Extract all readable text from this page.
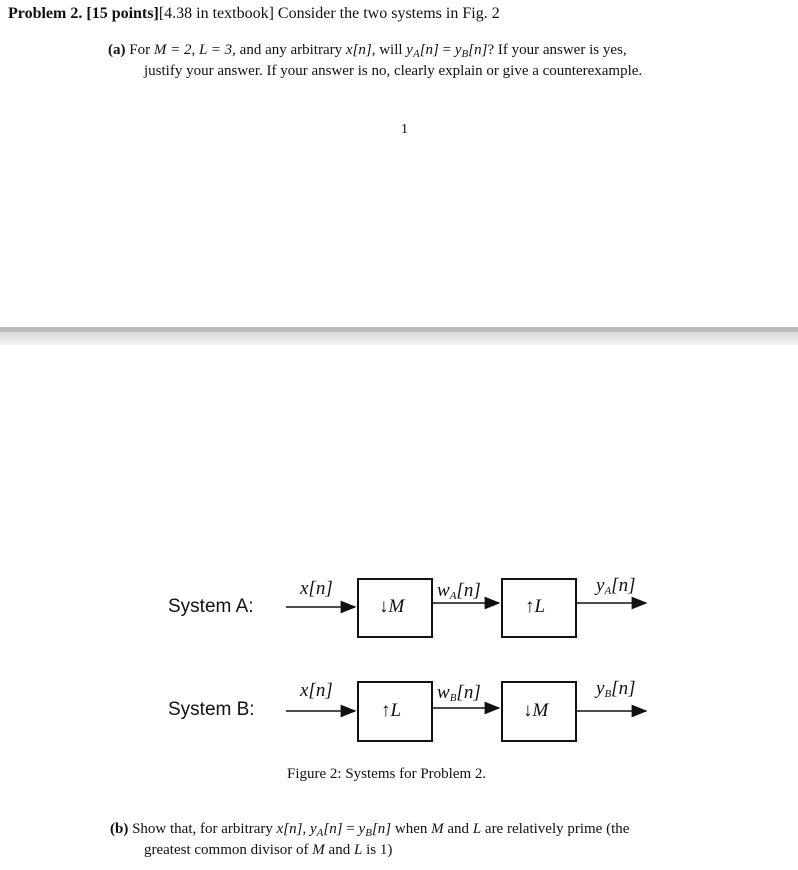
Problem 2. [15 points][4.38 in textbook] Consider the two systems in Fig. 2
(a) For M = 2, L = 3, and any arbitrary x[n], will $y_A[n] = y_B[n]$? If your answer is yes,
justify your answer. If your answer is no, clearly explain or give a counterexample.
1
System A:
x[n]
↓M
$w_A[n]$
↑L
$y_A[n]$
System B:
x[n]
↑L
$w_B[n]$
↓M
$y_B[n]$
Figure 2: Systems for Problem 2.
(b) Show that, for arbitrary x[n], $y_A[n] = y_B[n]$ when M and L are relatively prime (the
greatest common divisor of M and L is 1)
